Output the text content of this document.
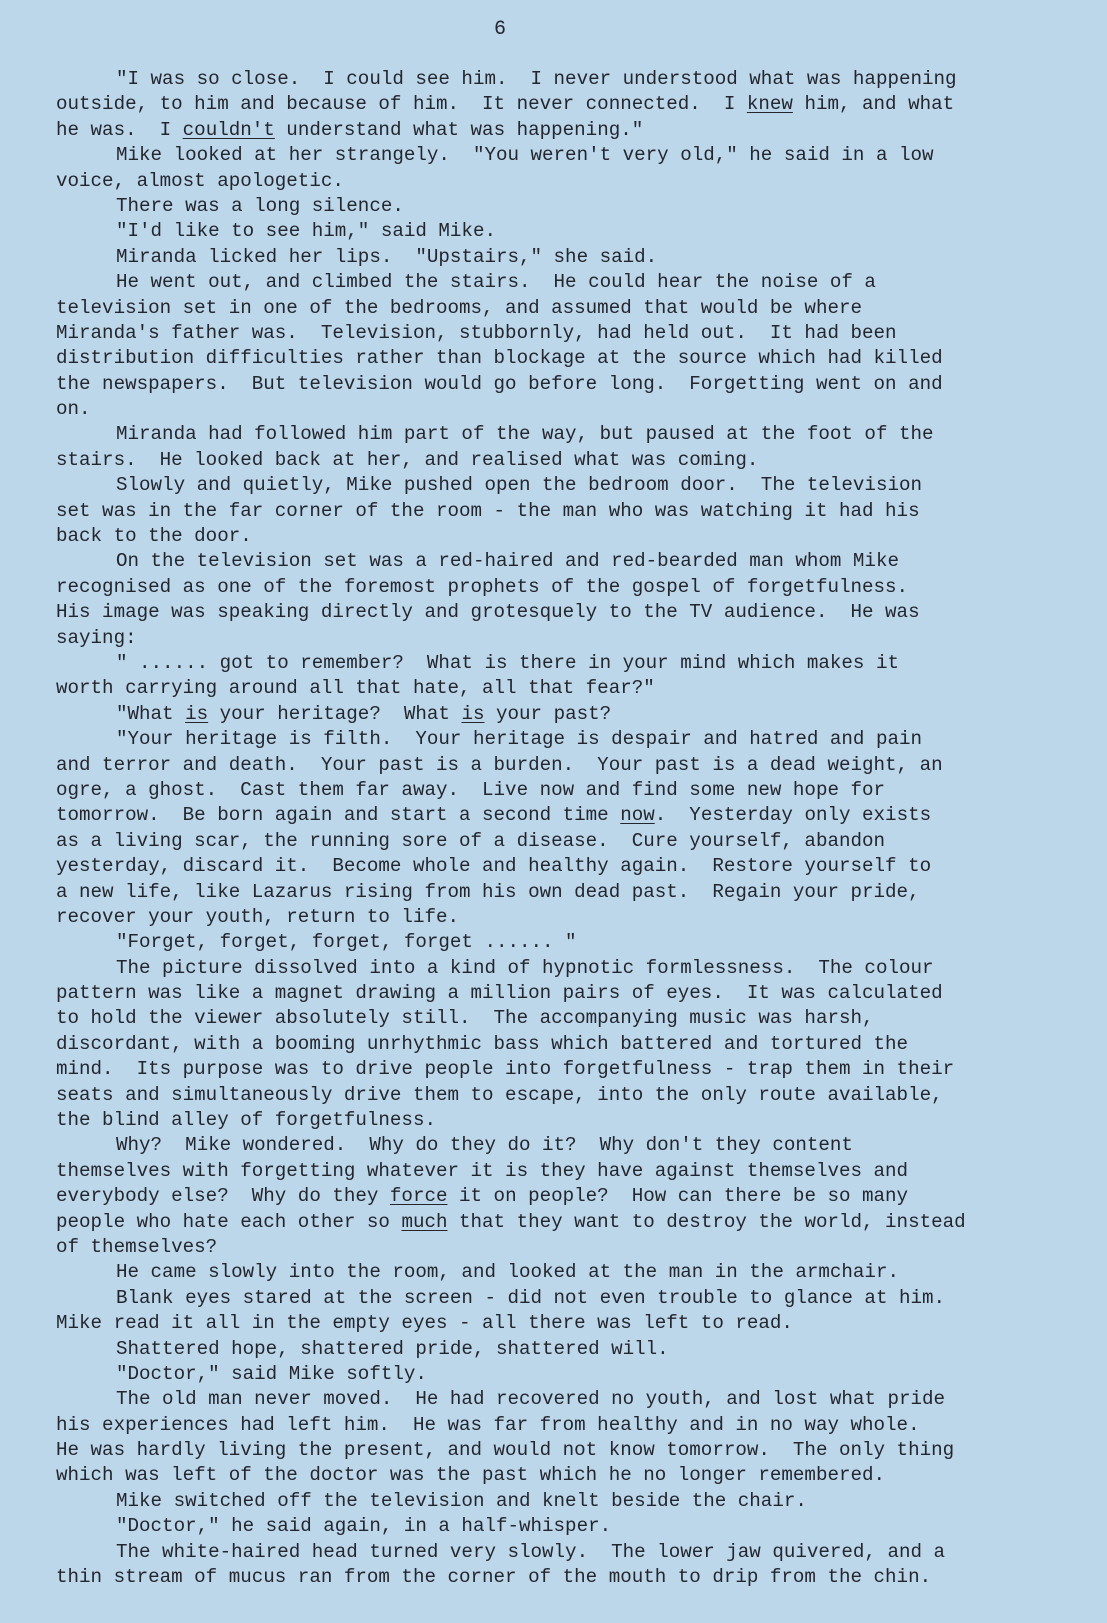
6
"I was so close.  I could see him.  I never understood what was happening
outside, to him and because of him.  It never connected.  I knew him, and what
he was.  I couldn't understand what was happening."
Mike looked at her strangely.  "You weren't very old," he said in a low
voice, almost apologetic.
There was a long silence.
"I'd like to see him," said Mike.
Miranda licked her lips.  "Upstairs," she said.
He went out, and climbed the stairs.  He could hear the noise of a
television set in one of the bedrooms, and assumed that would be where
Miranda's father was.  Television, stubbornly, had held out.  It had been
distribution difficulties rather than blockage at the source which had killed
the newspapers.  But television would go before long.  Forgetting went on and
on.
Miranda had followed him part of the way, but paused at the foot of the
stairs.  He looked back at her, and realised what was coming.
Slowly and quietly, Mike pushed open the bedroom door.  The television
set was in the far corner of the room - the man who was watching it had his
back to the door.
On the television set was a red-haired and red-bearded man whom Mike
recognised as one of the foremost prophets of the gospel of forgetfulness.
His image was speaking directly and grotesquely to the TV audience.  He was
saying:
" ...... got to remember?  What is there in your mind which makes it
worth carrying around all that hate, all that fear?"
"What is your heritage?  What is your past?
"Your heritage is filth.  Your heritage is despair and hatred and pain
and terror and death.  Your past is a burden.  Your past is a dead weight, an
ogre, a ghost.  Cast them far away.  Live now and find some new hope for
tomorrow.  Be born again and start a second time now.  Yesterday only exists
as a living scar, the running sore of a disease.  Cure yourself, abandon
yesterday, discard it.  Become whole and healthy again.  Restore yourself to
a new life, like Lazarus rising from his own dead past.  Regain your pride,
recover your youth, return to life.
"Forget, forget, forget, forget ...... "
The picture dissolved into a kind of hypnotic formlessness.  The colour
pattern was like a magnet drawing a million pairs of eyes.  It was calculated
to hold the viewer absolutely still.  The accompanying music was harsh,
discordant, with a booming unrhythmic bass which battered and tortured the
mind.  Its purpose was to drive people into forgetfulness - trap them in their
seats and simultaneously drive them to escape, into the only route available,
the blind alley of forgetfulness.
Why?  Mike wondered.  Why do they do it?  Why don't they content
themselves with forgetting whatever it is they have against themselves and
everybody else?  Why do they force it on people?  How can there be so many
people who hate each other so much that they want to destroy the world, instead
of themselves?
He came slowly into the room, and looked at the man in the armchair.
Blank eyes stared at the screen - did not even trouble to glance at him.
Mike read it all in the empty eyes - all there was left to read.
Shattered hope, shattered pride, shattered will.
"Doctor," said Mike softly.
The old man never moved.  He had recovered no youth, and lost what pride
his experiences had left him.  He was far from healthy and in no way whole.
He was hardly living the present, and would not know tomorrow.  The only thing
which was left of the doctor was the past which he no longer remembered.
Mike switched off the television and knelt beside the chair.
"Doctor," he said again, in a half-whisper.
The white-haired head turned very slowly.  The lower jaw quivered, and a
thin stream of mucus ran from the corner of the mouth to drip from the chin.
